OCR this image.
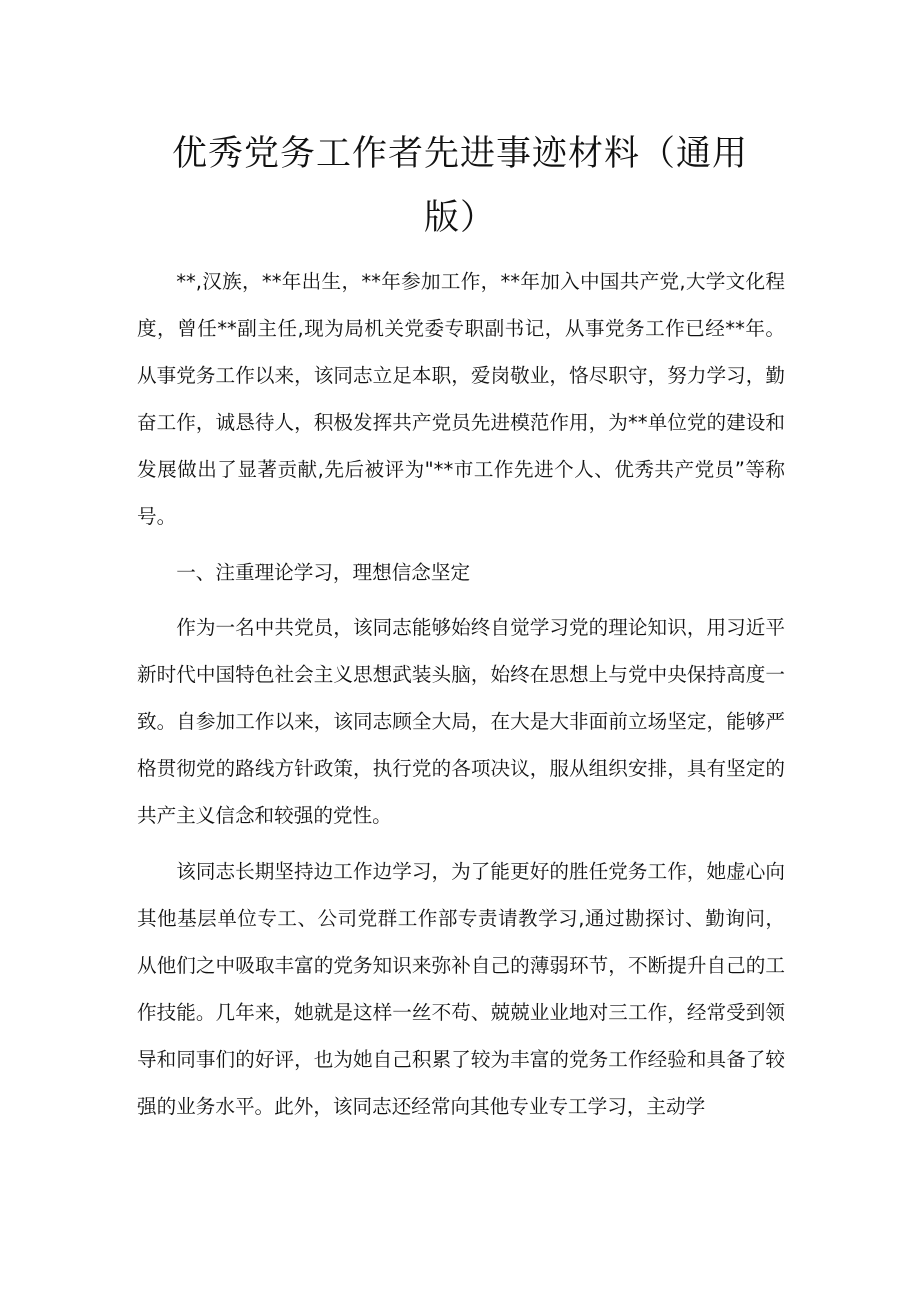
优秀党务工作者先进事迹材料（通用
版）

**,汉族，**年出生，**年参加工作，**年加入中国共产党,大学文化程度，曾任**副主任,现为局机关党委专职副书记，从事党务工作已经**年。从事党务工作以来，该同志立足本职，爱岗敬业，恪尽职守，努力学习，勤奋工作，诚恳待人，积极发挥共产党员先进模范作用，为**单位党的建设和发展做出了显著贡献,先后被评为"**市工作先进个人、优秀共产党员”等称号。

一、注重理论学习，理想信念坚定

作为一名中共党员，该同志能够始终自觉学习党的理论知识，用习近平新时代中国特色社会主义思想武装头脑，始终在思想上与党中央保持高度一致。自参加工作以来，该同志顾全大局，在大是大非面前立场坚定，能够严格贯彻党的路线方针政策，执行党的各项决议，服从组织安排，具有坚定的共产主义信念和较强的党性。

该同志长期坚持边工作边学习，为了能更好的胜任党务工作，她虚心向其他基层单位专工、公司党群工作部专责请教学习,通过勘探讨、勤询问，从他们之中吸取丰富的党务知识来弥补自己的薄弱环节，不断提升自己的工作技能。几年来，她就是这样一丝不苟、兢兢业业地对三工作，经常受到领导和同事们的好评，也为她自己积累了较为丰富的党务工作经验和具备了较强的业务水平。此外，该同志还经常向其他专业专工学习，主动学
